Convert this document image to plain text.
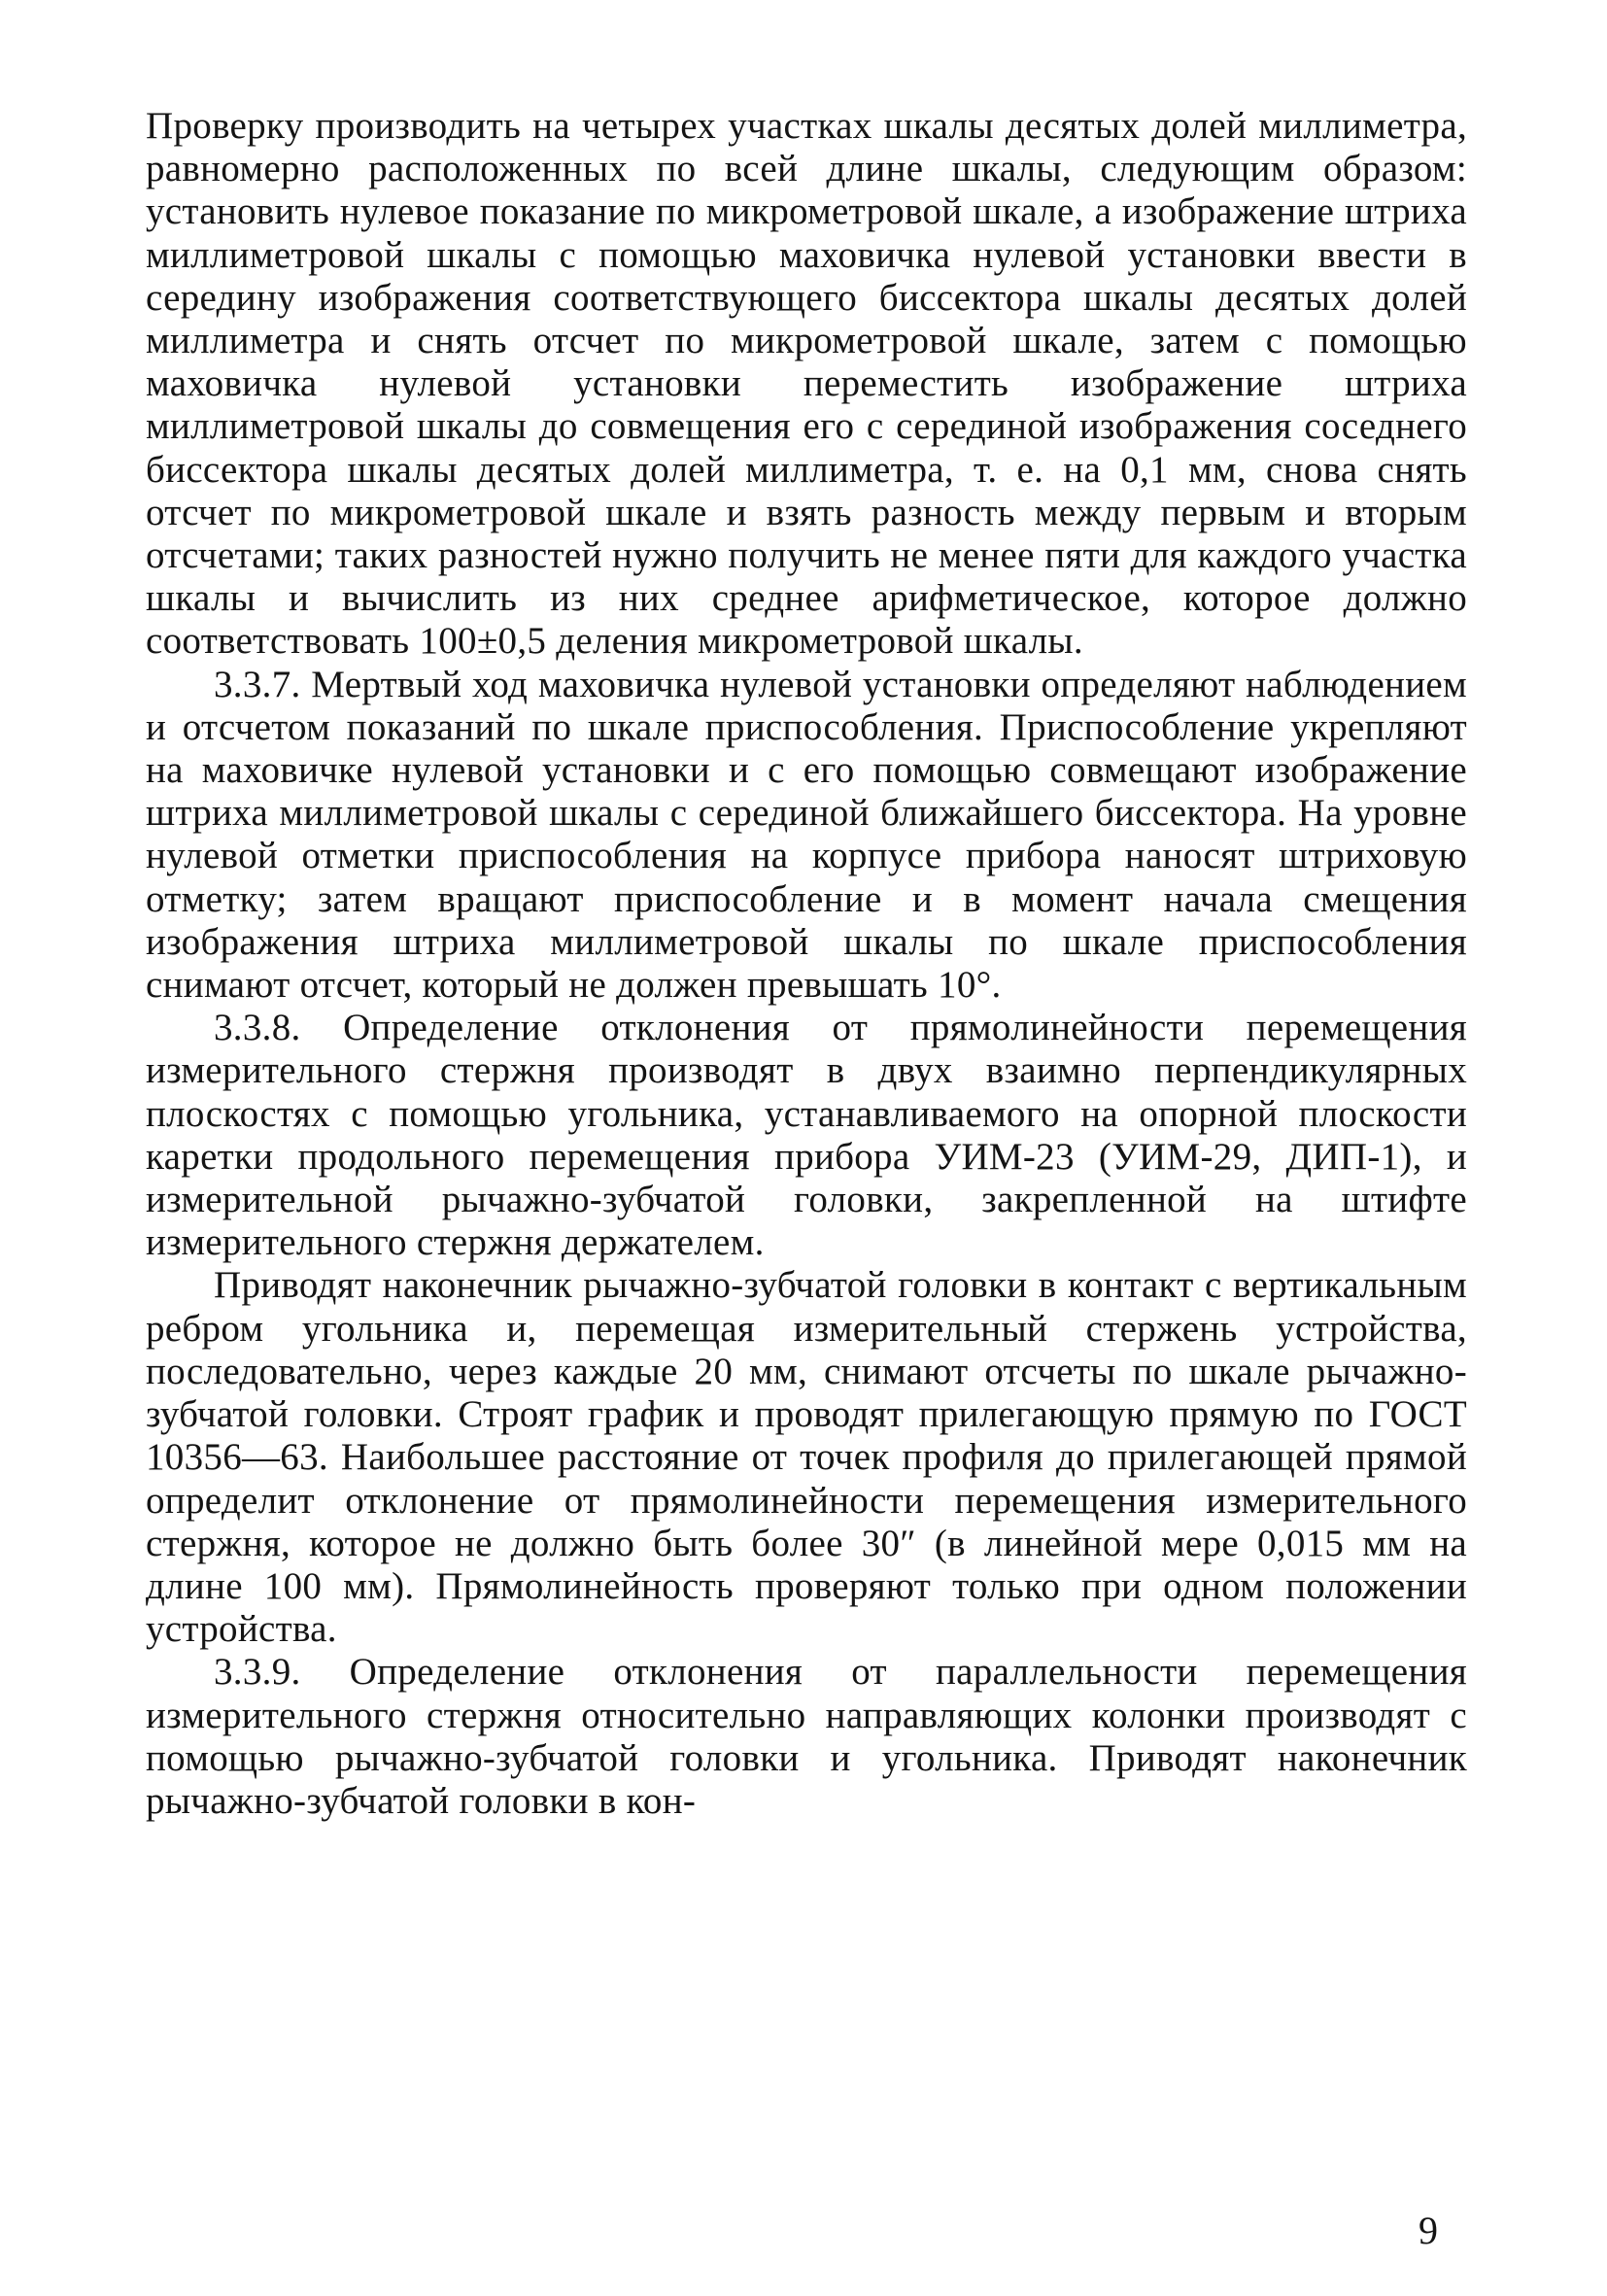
Проверку производить на четырех участках шкалы десятых долей миллиметра, равномерно расположенных по всей длине шкалы, следующим образом: установить нулевое показание по микрометровой шкале, а изображение штриха миллиметровой шкалы с помощью маховичка нулевой установки ввести в середину изображения соответствующего биссектора шкалы десятых долей миллиметра и снять отсчет по микрометровой шкале, затем с помощью маховичка нулевой установки переместить изображение штриха миллиметровой шкалы до совмещения его с серединой изображения соседнего биссектора шкалы десятых долей миллиметра, т. е. на 0,1 мм, снова снять отсчет по микрометровой шкале и взять разность между первым и вторым отсчетами; таких разностей нужно получить не менее пяти для каждого участка шкалы и вычислить из них среднее арифметическое, которое должно соответствовать 100±0,5 деления микрометровой шкалы.

3.3.7. Мертвый ход маховичка нулевой установки определяют наблюдением и отсчетом показаний по шкале приспособления. Приспособление укрепляют на маховичке нулевой установки и с его помощью совмещают изображение штриха миллиметровой шкалы с серединой ближайшего биссектора. На уровне нулевой отметки приспособления на корпусе прибора наносят штриховую отметку; затем вращают приспособление и в момент начала смещения изображения штриха миллиметровой шкалы по шкале приспособления снимают отсчет, который не должен превышать 10°.

3.3.8. Определение отклонения от прямолинейности перемещения измерительного стержня производят в двух взаимно перпендикулярных плоскостях с помощью угольника, устанавливаемого на опорной плоскости каретки продольного перемещения прибора УИМ-23 (УИМ-29, ДИП-1), и измерительной рычажно-зубчатой головки, закрепленной на штифте измерительного стержня держателем.

Приводят наконечник рычажно-зубчатой головки в контакт с вертикальным ребром угольника и, перемещая измерительный стержень устройства, последовательно, через каждые 20 мм, снимают отсчеты по шкале рычажно-зубчатой головки. Строят график и проводят прилегающую прямую по ГОСТ 10356—63. Наибольшее расстояние от точек профиля до прилегающей прямой определит отклонение от прямолинейности перемещения измерительного стержня, которое не должно быть более 30″ (в линейной мере 0,015 мм на длине 100 мм). Прямолинейность проверяют только при одном положении устройства.

3.3.9. Определение отклонения от параллельности перемещения измерительного стержня относительно направляющих колонки производят с помощью рычажно-зубчатой головки и угольника. Приводят наконечник рычажно-зубчатой головки в кон-

9
